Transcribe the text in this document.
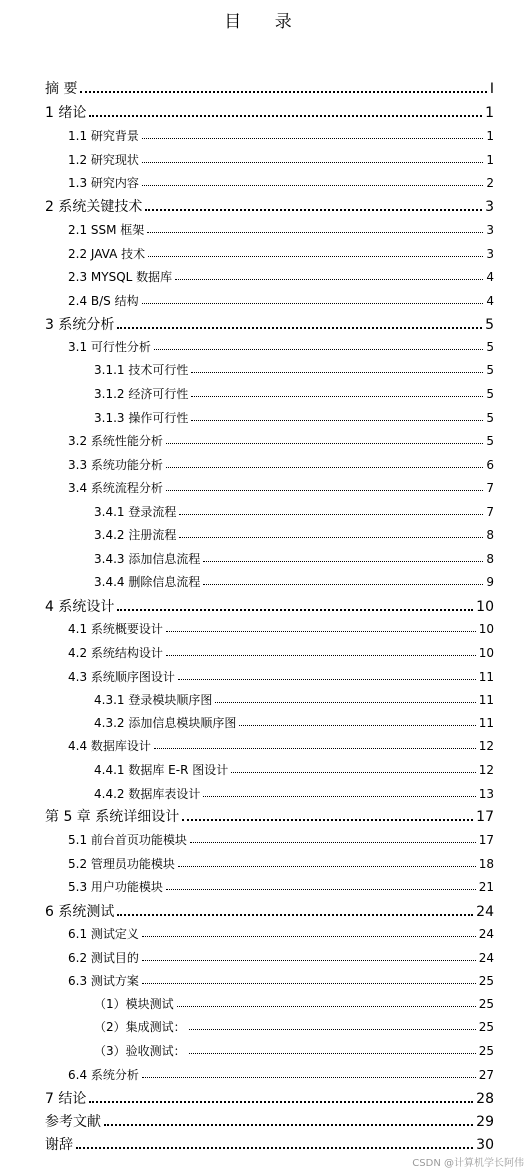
目 录
摘 要	I
1 绪论	1
1.1 研究背景	1
1.2 研究现状	1
1.3 研究内容	2
2 系统关键技术	3
2.1 SSM 框架	3
2.2 JAVA 技术	3
2.3 MYSQL 数据库	4
2.4 B/S 结构	4
3 系统分析	5
3.1 可行性分析	5
3.1.1 技术可行性	5
3.1.2 经济可行性	5
3.1.3 操作可行性	5
3.2 系统性能分析	5
3.3 系统功能分析	6
3.4 系统流程分析	7
3.4.1 登录流程	7
3.4.2 注册流程	8
3.4.3 添加信息流程	8
3.4.4 删除信息流程	9
4 系统设计	10
4.1 系统概要设计	10
4.2 系统结构设计	10
4.3 系统顺序图设计	11
4.3.1 登录模块顺序图	11
4.3.2 添加信息模块顺序图	11
4.4 数据库设计	12
4.4.1 数据库 E-R 图设计	12
4.4.2 数据库表设计	13
第 5 章 系统详细设计	17
5.1 前台首页功能模块	17
5.2 管理员功能模块	18
5.3 用户功能模块	21
6 系统测试	24
6.1 测试定义	24
6.2 测试目的	24
6.3 测试方案	25
（1）模块测试	25
（2）集成测试：	25
（3）验收测试：	25
6.4 系统分析	27
7 结论	28
参考文献	29
谢辞	30
CSDN @计算机学长阿伟
